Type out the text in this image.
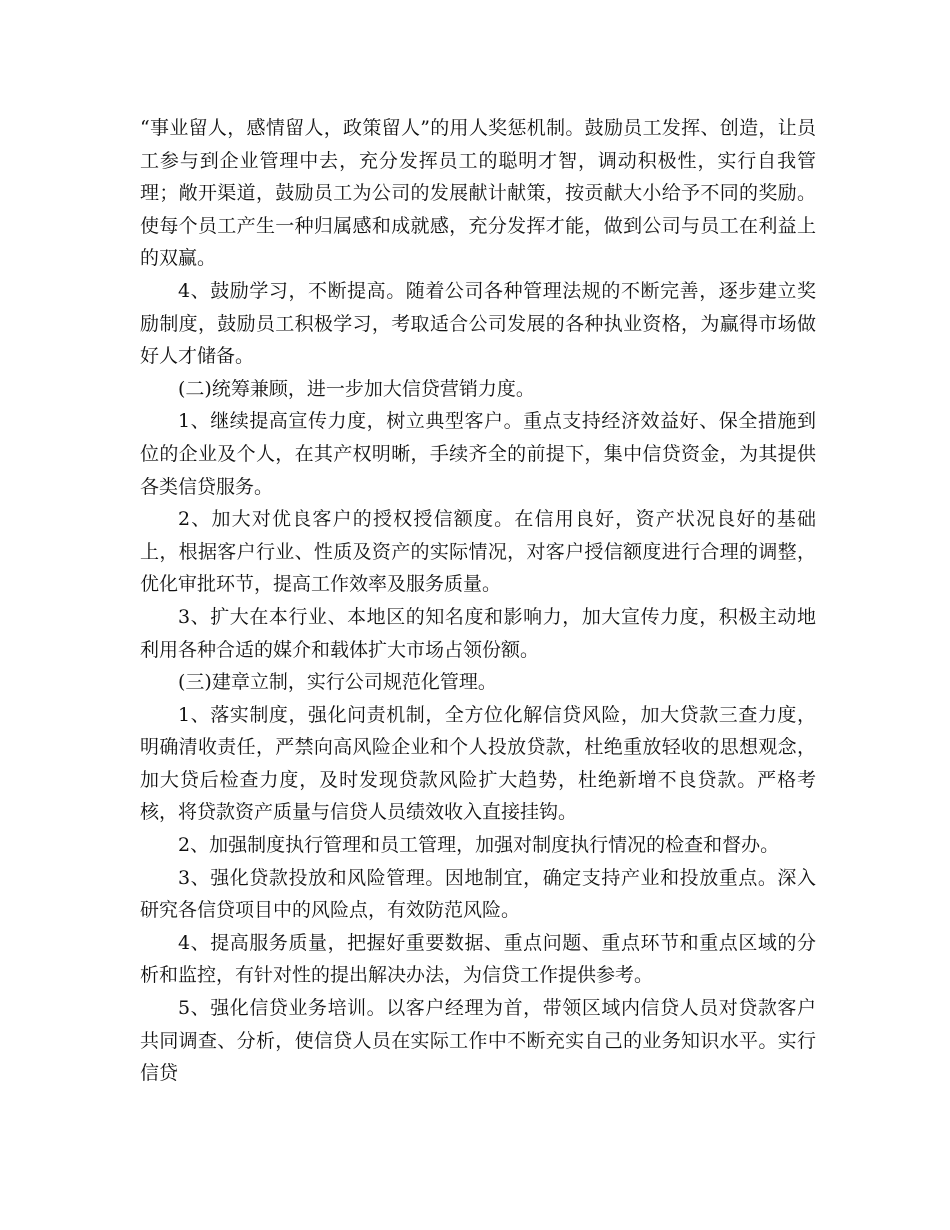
“事业留人，感情留人，政策留人”的用人奖惩机制。鼓励员工发挥、创造，让员工参与到企业管理中去，充分发挥员工的聪明才智，调动积极性，实行自我管理；敞开渠道，鼓励员工为公司的发展献计献策，按贡献大小给予不同的奖励。使每个员工产生一种归属感和成就感，充分发挥才能，做到公司与员工在利益上的双赢。

4、鼓励学习，不断提高。随着公司各种管理法规的不断完善，逐步建立奖励制度，鼓励员工积极学习，考取适合公司发展的各种执业资格，为赢得市场做好人才储备。

(二)统筹兼顾，进一步加大信贷营销力度。

1、继续提高宣传力度，树立典型客户。重点支持经济效益好、保全措施到位的企业及个人，在其产权明晰，手续齐全的前提下，集中信贷资金，为其提供各类信贷服务。

2、加大对优良客户的授权授信额度。在信用良好，资产状况良好的基础上，根据客户行业、性质及资产的实际情况，对客户授信额度进行合理的调整，优化审批环节，提高工作效率及服务质量。

3、扩大在本行业、本地区的知名度和影响力，加大宣传力度，积极主动地利用各种合适的媒介和载体扩大市场占领份额。

(三)建章立制，实行公司规范化管理。

1、落实制度，强化问责机制，全方位化解信贷风险，加大贷款三查力度，明确清收责任，严禁向高风险企业和个人投放贷款，杜绝重放轻收的思想观念，加大贷后检查力度，及时发现贷款风险扩大趋势，杜绝新增不良贷款。严格考核，将贷款资产质量与信贷人员绩效收入直接挂钩。

2、加强制度执行管理和员工管理，加强对制度执行情况的检查和督办。

3、强化贷款投放和风险管理。因地制宜，确定支持产业和投放重点。深入研究各信贷项目中的风险点，有效防范风险。

4、提高服务质量，把握好重要数据、重点问题、重点环节和重点区域的分析和监控，有针对性的提出解决办法，为信贷工作提供参考。

5、强化信贷业务培训。以客户经理为首，带领区域内信贷人员对贷款客户共同调查、分析，使信贷人员在实际工作中不断充实自己的业务知识水平。实行信贷
